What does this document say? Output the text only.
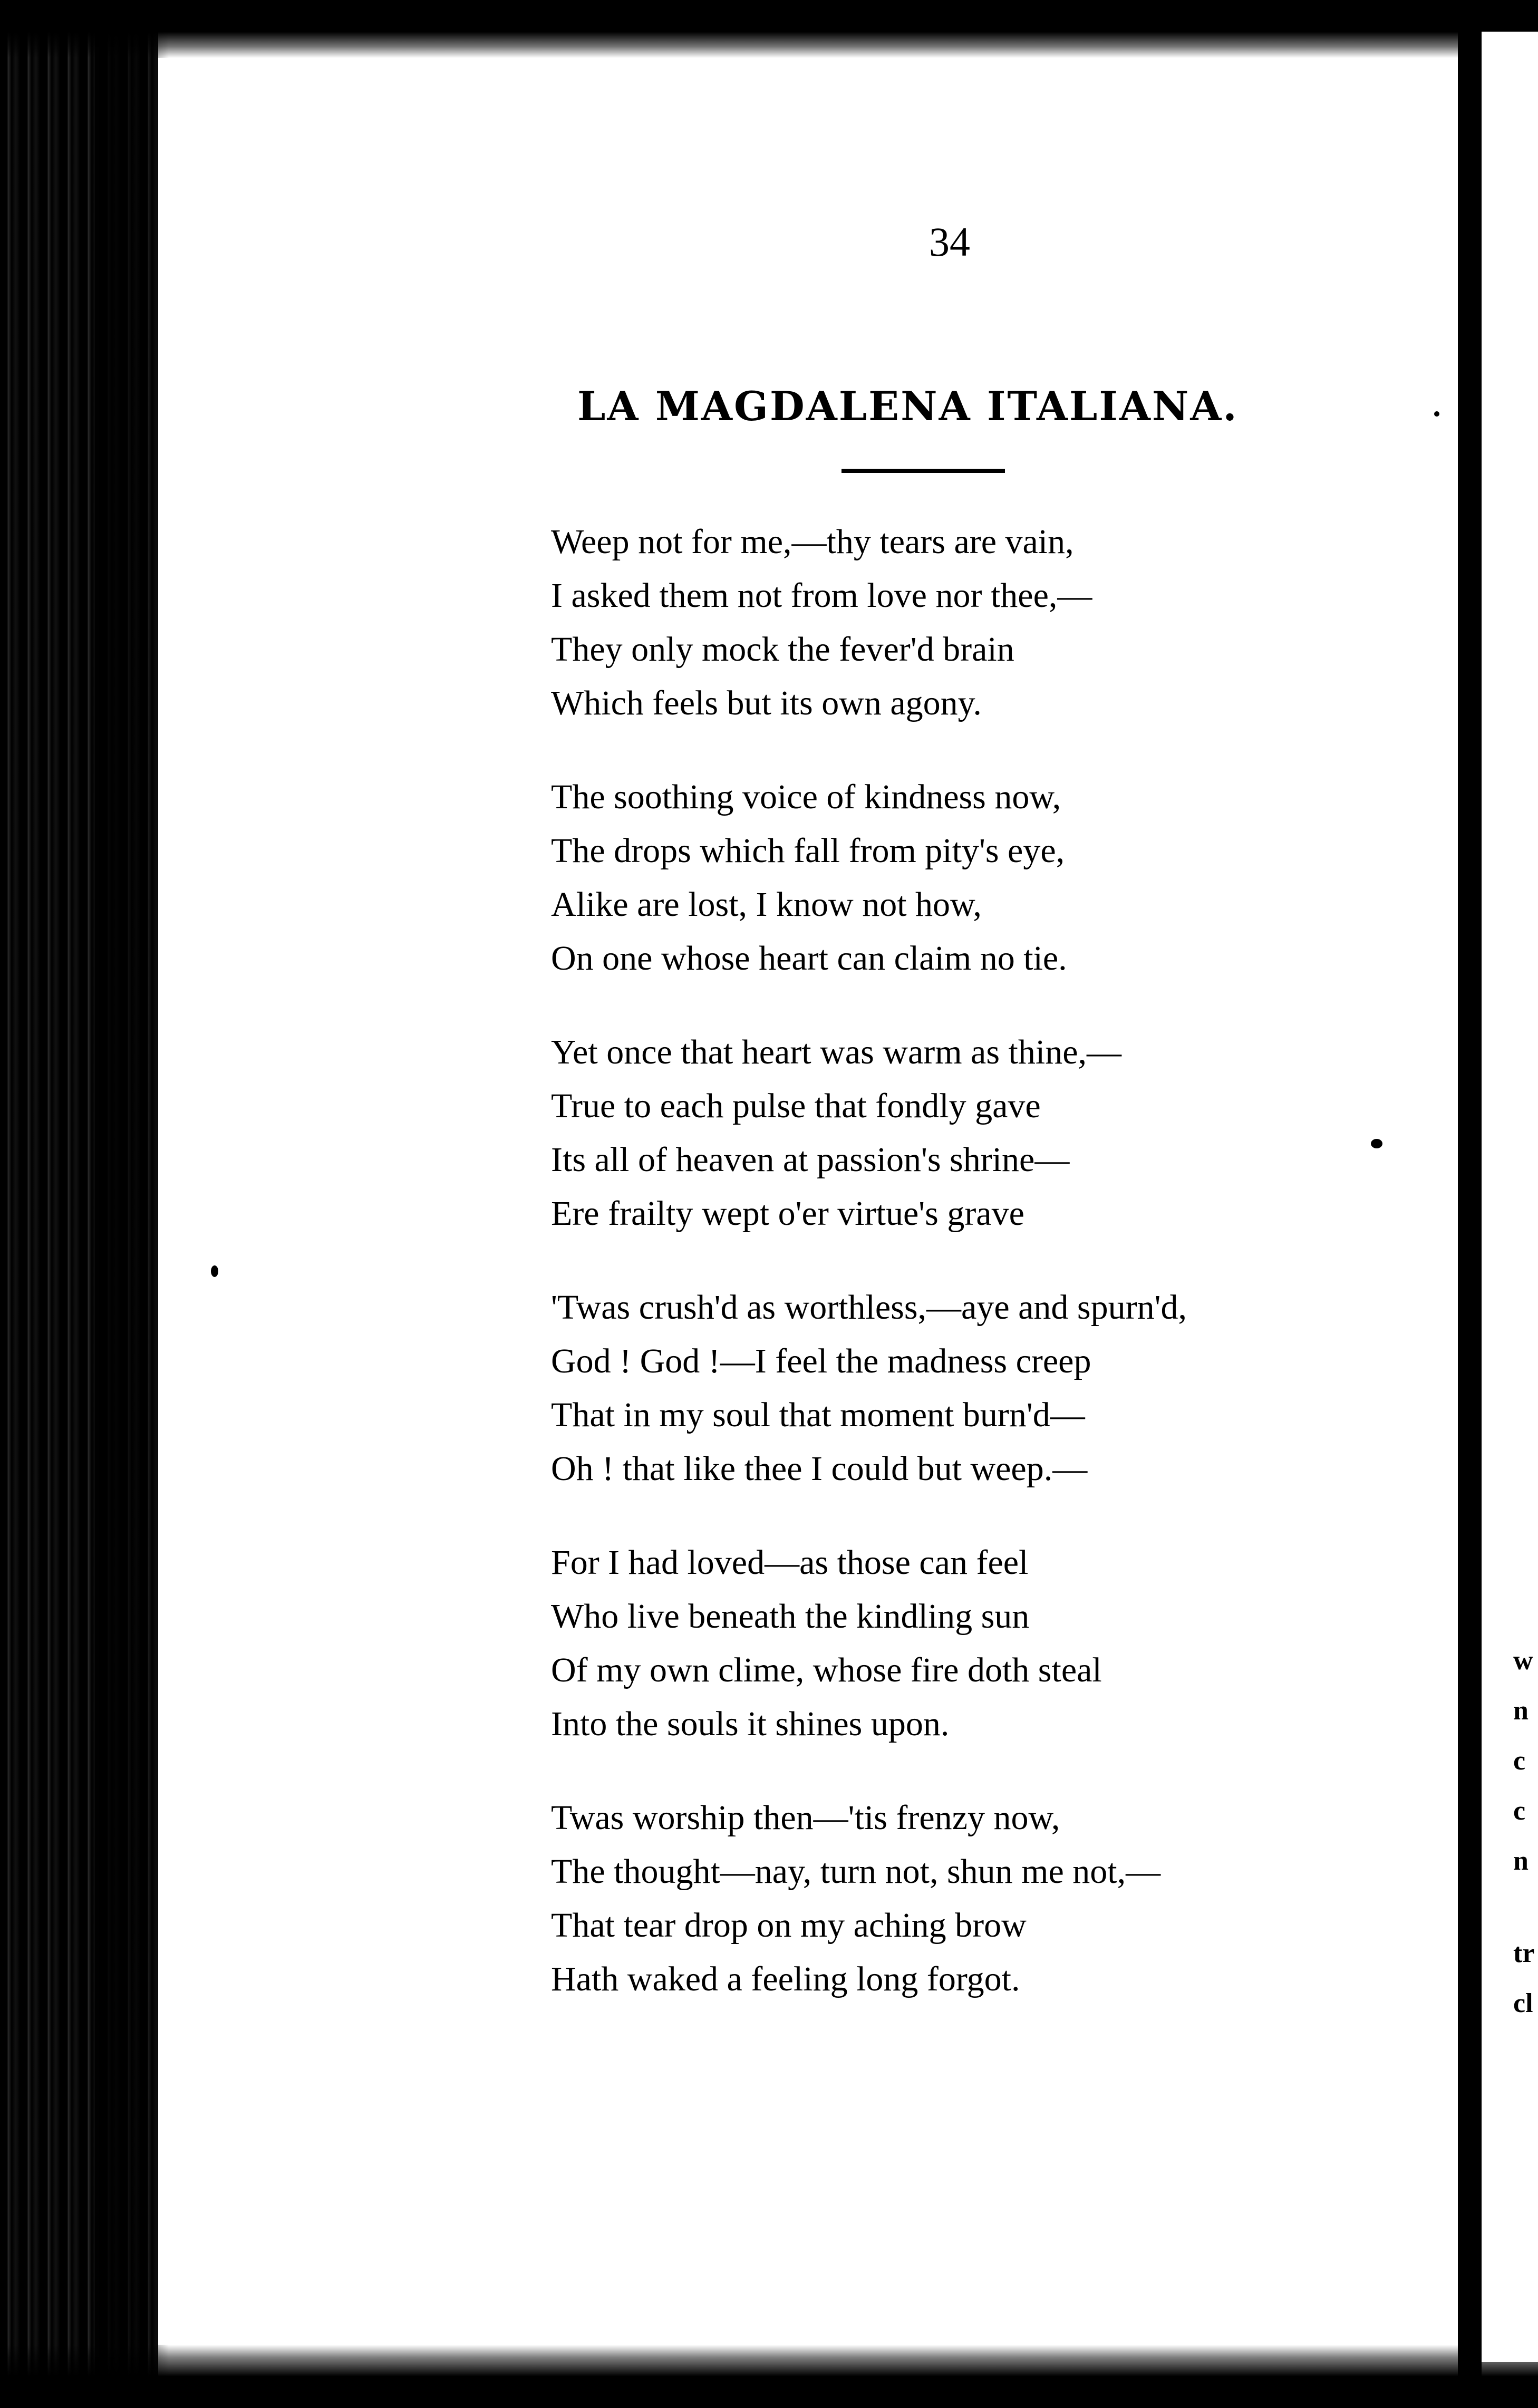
w
n
c
c
n
tr
cl
34
LA MAGDALENA ITALIANA.
Weep not for me,—thy tears are vain,
I asked them not from love nor thee,—
They only mock the fever'd brain
Which feels but its own agony.
The soothing voice of kindness now,
The drops which fall from pity's eye,
Alike are lost, I know not how,
On one whose heart can claim no tie.
Yet once that heart was warm as thine,—
True to each pulse that fondly gave
Its all of heaven at passion's shrine—
Ere frailty wept o'er virtue's grave
'Twas crush'd as worthless,—aye and spurn'd,
God ! God !—I feel the madness creep
That in my soul that moment burn'd—
Oh ! that like thee I could but weep.—
For I had loved—as those can feel
Who live beneath the kindling sun
Of my own clime, whose fire doth steal
Into the souls it shines upon.
Twas worship then—'tis frenzy now,
The thought—nay, turn not, shun me not,—
That tear drop on my aching brow
Hath waked a feeling long forgot.
